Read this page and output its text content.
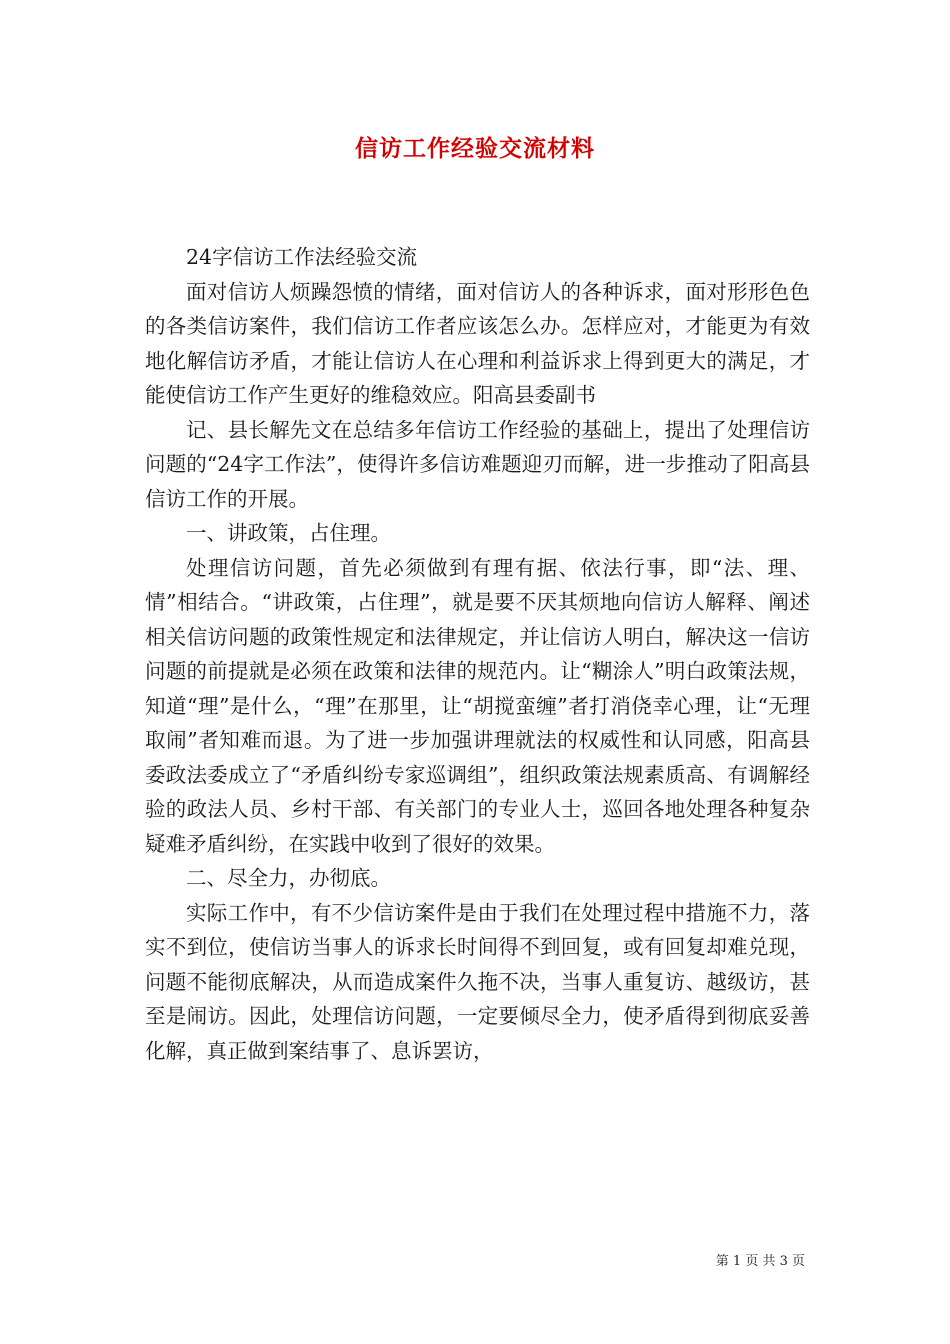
信访工作经验交流材料

24字信访工作法经验交流

面对信访人烦躁怨愤的情绪，面对信访人的各种诉求，面对形形色色的各类信访案件，我们信访工作者应该怎么办。怎样应对，才能更为有效地化解信访矛盾，才能让信访人在心理和利益诉求上得到更大的满足，才能使信访工作产生更好的维稳效应。阳高县委副书

记、县长解先文在总结多年信访工作经验的基础上，提出了处理信访问题的“24字工作法”，使得许多信访难题迎刃而解，进一步推动了阳高县信访工作的开展。

一、讲政策，占住理。

处理信访问题，首先必须做到有理有据、依法行事，即“法、理、情”相结合。“讲政策，占住理”，就是要不厌其烦地向信访人解释、阐述相关信访问题的政策性规定和法律规定，并让信访人明白，解决这一信访问题的前提就是必须在政策和法律的规范内。让“糊涂人”明白政策法规，知道“理”是什么，“理”在那里，让“胡搅蛮缠”者打消侥幸心理，让“无理取闹”者知难而退。为了进一步加强讲理就法的权威性和认同感，阳高县委政法委成立了“矛盾纠纷专家巡调组”，组织政策法规素质高、有调解经验的政法人员、乡村干部、有关部门的专业人士，巡回各地处理各种复杂疑难矛盾纠纷，在实践中收到了很好的效果。

二、尽全力，办彻底。

实际工作中，有不少信访案件是由于我们在处理过程中措施不力，落实不到位，使信访当事人的诉求长时间得不到回复，或有回复却难兑现，问题不能彻底解决，从而造成案件久拖不决，当事人重复访、越级访，甚至是闹访。因此，处理信访问题，一定要倾尽全力，使矛盾得到彻底妥善化解，真正做到案结事了、息诉罢访，

第 1 页 共 3 页
